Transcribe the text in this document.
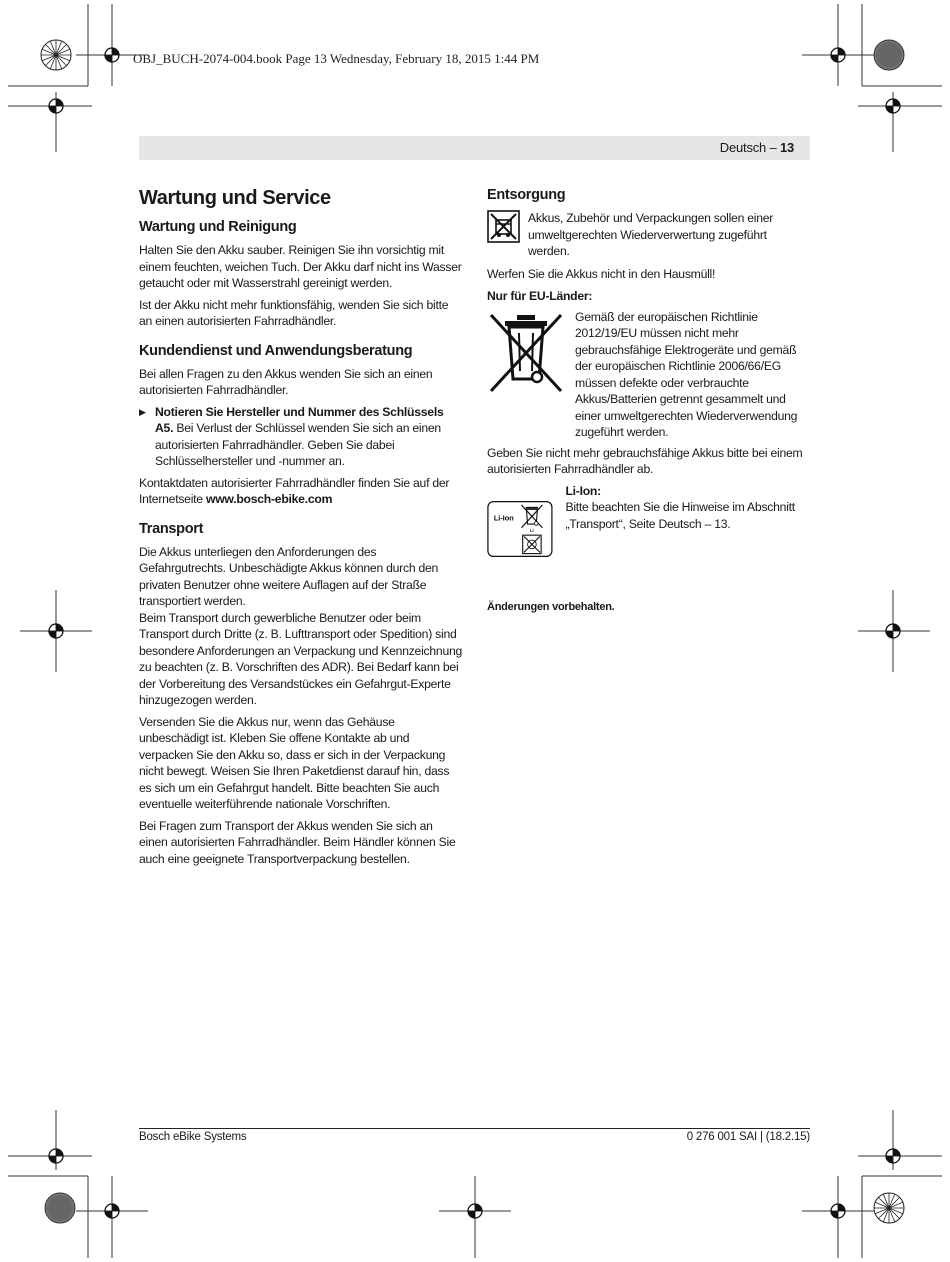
OBJ_BUCH-2074-004.book Page 13 Wednesday, February 18, 2015 1:44 PM
Deutsch – 13
Wartung und Service
Wartung und Reinigung

Halten Sie den Akku sauber. Reinigen Sie ihn vorsichtig mit einem feuchten, weichen Tuch. Der Akku darf nicht ins Wasser getaucht oder mit Wasserstrahl gereinigt werden.

Ist der Akku nicht mehr funktionsfähig, wenden Sie sich bitte an einen autorisierten Fahrradhändler.

Kundendienst und Anwendungsberatung

Bei allen Fragen zu den Akkus wenden Sie sich an einen autorisierten Fahrradhändler.

▶ Notieren Sie Hersteller und Nummer des Schlüssels A5. Bei Verlust der Schlüssel wenden Sie sich an einen autorisierten Fahrradhändler. Geben Sie dabei Schlüsselhersteller und -nummer an.

Kontaktdaten autorisierter Fahrradhändler finden Sie auf der Internetseite www.bosch-ebike.com

Transport

Die Akkus unterliegen den Anforderungen des Gefahrgutrechts. Unbeschädigte Akkus können durch den privaten Benutzer ohne weitere Auflagen auf der Straße transportiert werden.

Beim Transport durch gewerbliche Benutzer oder beim Transport durch Dritte (z. B. Lufttransport oder Spedition) sind besondere Anforderungen an Verpackung und Kennzeichnung zu beachten (z. B. Vorschriften des ADR). Bei Bedarf kann bei der Vorbereitung des Versandstückes ein Gefahrgut-Experte hinzugezogen werden.

Versenden Sie die Akkus nur, wenn das Gehäuse unbeschädigt ist. Kleben Sie offene Kontakte ab und verpacken Sie den Akku so, dass er sich in der Verpackung nicht bewegt. Weisen Sie Ihren Paketdienst darauf hin, dass es sich um ein Gefahrgut handelt. Bitte beachten Sie auch eventuelle weiterführende nationale Vorschriften.

Bei Fragen zum Transport der Akkus wenden Sie sich an einen autorisierten Fahrradhändler. Beim Händler können Sie auch eine geeignete Transportverpackung bestellen.

Entsorgung
Akkus, Zubehör und Verpackungen sollen einer umweltgerechten Wiederverwertung zugeführt werden.

Werfen Sie die Akkus nicht in den Hausmüll!

Nur für EU-Länder:
Gemäß der europäischen Richtlinie 2012/19/EU müssen nicht mehr gebrauchsfähige Elektrogeräte und gemäß der europäischen Richtlinie 2006/66/EG müssen defekte oder verbrauchte Akkus/Batterien getrennt gesammelt und einer umweltgerechten Wiederverwendung zugeführt werden.

Geben Sie nicht mehr gebrauchsfähige Akkus bitte bei einem autorisierten Fahrradhändler ab.

Li-Ion
Li
Li-Ion:
Bitte beachten Sie die Hinweise im Abschnitt „Transport“, Seite Deutsch – 13.
Änderungen vorbehalten.
Bosch eBike Systems	0 276 001 SAI | (18.2.15)
